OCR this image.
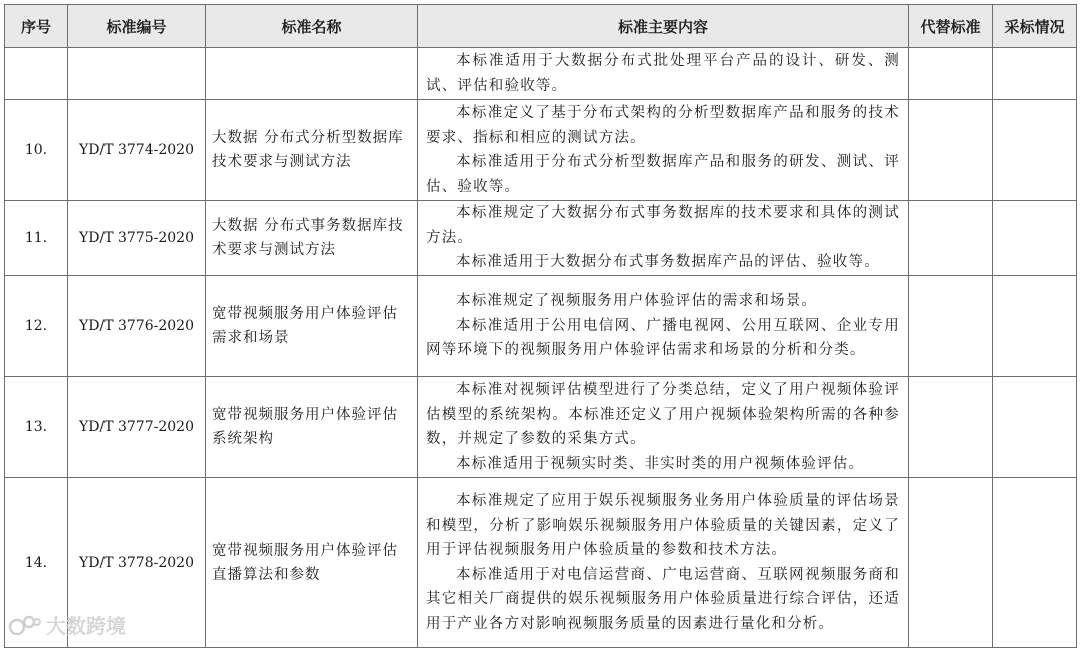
序号	标准编号	标准名称	标准主要内容	代替标准	采标情况

			本标准适用于大数据分布式批处理平台产品的设计、研发、测试、评估和验收等。		

10.	YD/T 3774-2020	大数据 分布式分析型数据库技术要求与测试方法	本标准定义了基于分布式架构的分析型数据库产品和服务的技术要求、指标和相应的测试方法。

本标准适用于分布式分析型数据库产品和服务的研发、测试、评估、验收等。		

11.	YD/T 3775-2020	大数据 分布式事务数据库技术要求与测试方法	本标准规定了大数据分布式事务数据库的技术要求和具体的测试方法。

本标准适用于大数据分布式事务数据库产品的评估、验收等。		

12.	YD/T 3776-2020	宽带视频服务用户体验评估 需求和场景	本标准规定了视频服务用户体验评估的需求和场景。

本标准适用于公用电信网、广播电视网、公用互联网、企业专用网等环境下的视频服务用户体验评估需求和场景的分析和分类。		

13.	YD/T 3777-2020	宽带视频服务用户体验评估 系统架构	本标准对视频评估模型进行了分类总结，定义了用户视频体验评估模型的系统架构。本标准还定义了用户视频体验架构所需的各种参数，并规定了参数的采集方式。

本标准适用于视频实时类、非实时类的用户视频体验评估。		

14.	YD/T 3778-2020	宽带视频服务用户体验评估 直播算法和参数	本标准规定了应用于娱乐视频服务业务用户体验质量的评估场景和模型，分析了影响娱乐视频服务用户体验质量的关键因素，定义了用于评估视频服务用户体验质量的参数和技术方法。

本标准适用于对电信运营商、广电运营商、互联网视频服务商和其它相关厂商提供的娱乐视频服务用户体验质量进行综合评估，还适用于产业各方对影响视频服务质量的因素进行量化和分析。		

大数跨境
